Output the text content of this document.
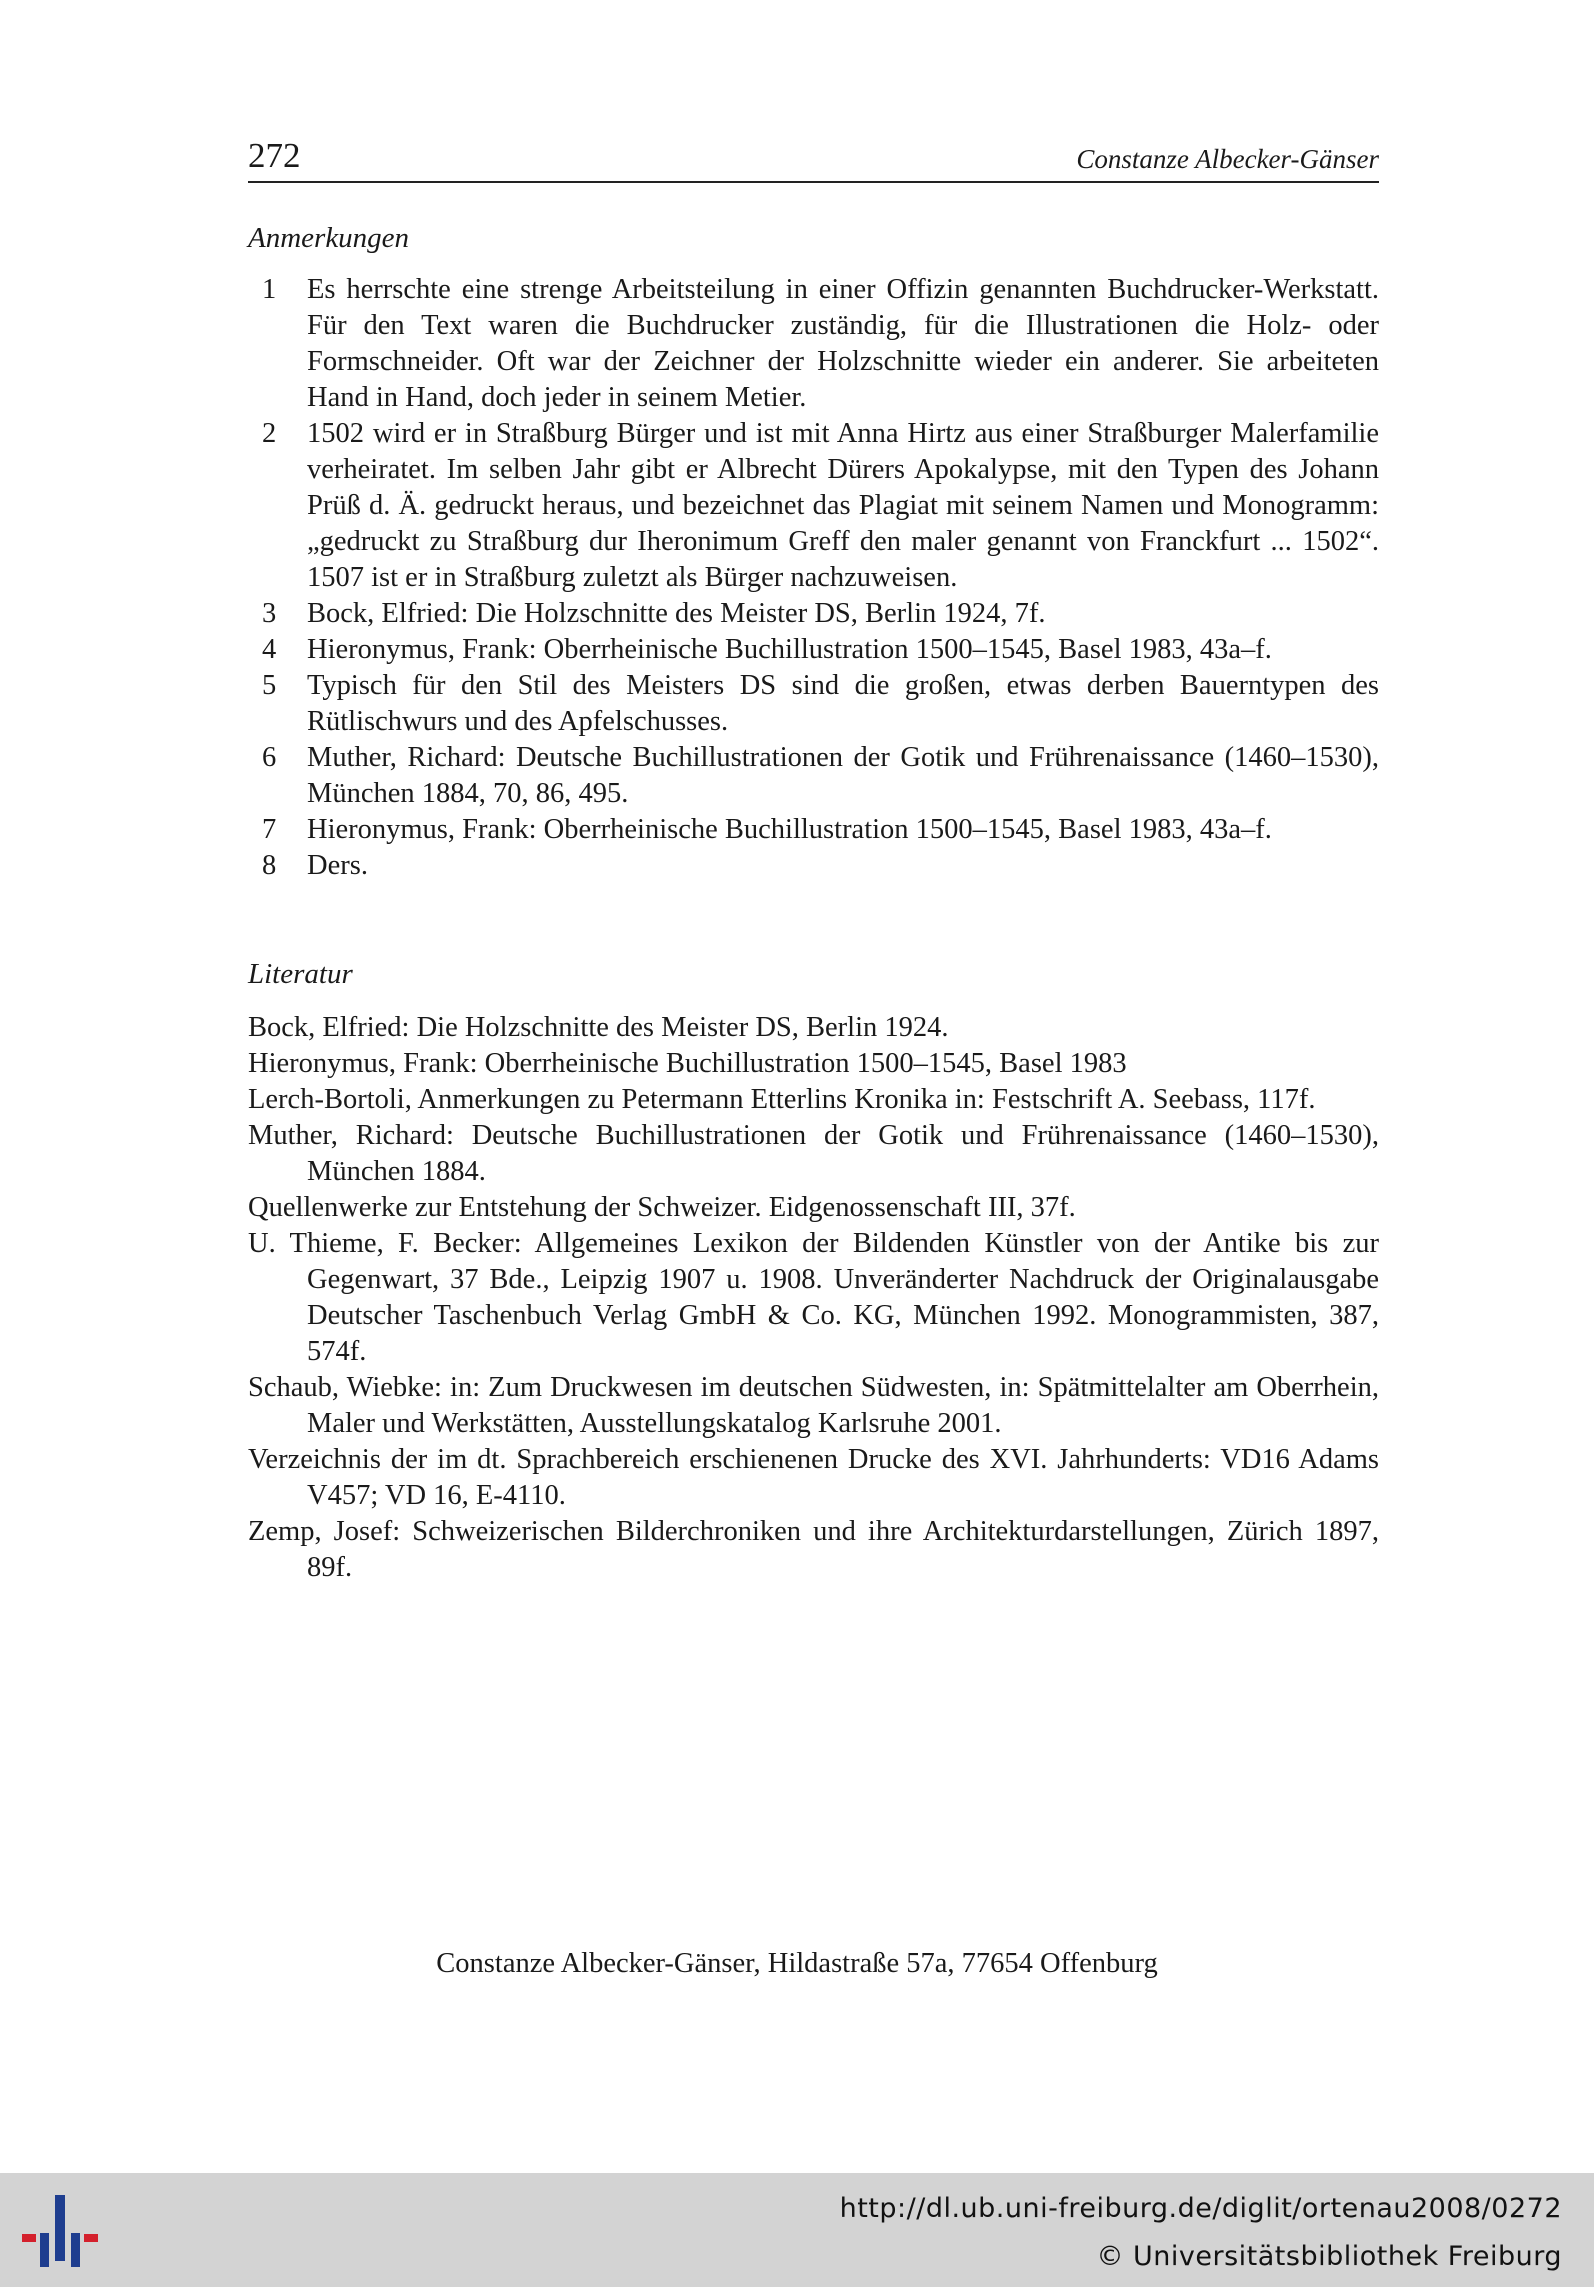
272	Constanze Albecker-Gänser
Anmerkungen
1 Es herrschte eine strenge Arbeitsteilung in einer Offizin genannten Buchdrucker-Werkstatt. Für den Text waren die Buchdrucker zuständig, für die Illustrationen die Holz- oder Formschneider. Oft war der Zeichner der Holzschnitte wieder ein anderer. Sie arbeiteten Hand in Hand, doch jeder in seinem Metier.
2 1502 wird er in Straßburg Bürger und ist mit Anna Hirtz aus einer Straßburger Malerfamilie verheiratet. Im selben Jahr gibt er Albrecht Dürers Apokalypse, mit den Typen des Johann Prüß d. Ä. gedruckt heraus, und bezeichnet das Plagiat mit seinem Namen und Monogramm: „gedruckt zu Straßburg dur Iheronimum Greff den maler genannt von Franckfurt ... 1502“. 1507 ist er in Straßburg zuletzt als Bürger nachzuweisen.
3 Bock, Elfried: Die Holzschnitte des Meister DS, Berlin 1924, 7f.
4 Hieronymus, Frank: Oberrheinische Buchillustration 1500–1545, Basel 1983, 43a–f.
5 Typisch für den Stil des Meisters DS sind die großen, etwas derben Bauerntypen des Rütlischwurs und des Apfelschusses.
6 Muther, Richard: Deutsche Buchillustrationen der Gotik und Frührenaissance (1460–1530), München 1884, 70, 86, 495.
7 Hieronymus, Frank: Oberrheinische Buchillustration 1500–1545, Basel 1983, 43a–f.
8 Ders.
Literatur
Bock, Elfried: Die Holzschnitte des Meister DS, Berlin 1924.
Hieronymus, Frank: Oberrheinische Buchillustration 1500–1545, Basel 1983
Lerch-Bortoli, Anmerkungen zu Petermann Etterlins Kronika in: Festschrift A. Seebass, 117f.
Muther, Richard: Deutsche Buchillustrationen der Gotik und Frührenaissance (1460–1530), München 1884.
Quellenwerke zur Entstehung der Schweizer. Eidgenossenschaft III, 37f.
U. Thieme, F. Becker: Allgemeines Lexikon der Bildenden Künstler von der Antike bis zur Gegenwart, 37 Bde., Leipzig 1907 u. 1908. Unveränderter Nachdruck der Originalausgabe Deutscher Taschenbuch Verlag GmbH & Co. KG, München 1992. Monogrammisten, 387, 574f.
Schaub, Wiebke: in: Zum Druckwesen im deutschen Südwesten, in: Spätmittelalter am Oberrhein, Maler und Werkstätten, Ausstellungskatalog Karlsruhe 2001.
Verzeichnis der im dt. Sprachbereich erschienenen Drucke des XVI. Jahrhunderts: VD16 Adams V457; VD 16, E-4110.
Zemp, Josef: Schweizerischen Bilderchroniken und ihre Architekturdarstellungen, Zürich 1897, 89f.
Constanze Albecker-Gänser, Hildastraße 57a, 77654 Offenburg
http://dl.ub.uni-freiburg.de/diglit/ortenau2008/0272
© Universitätsbibliothek Freiburg
